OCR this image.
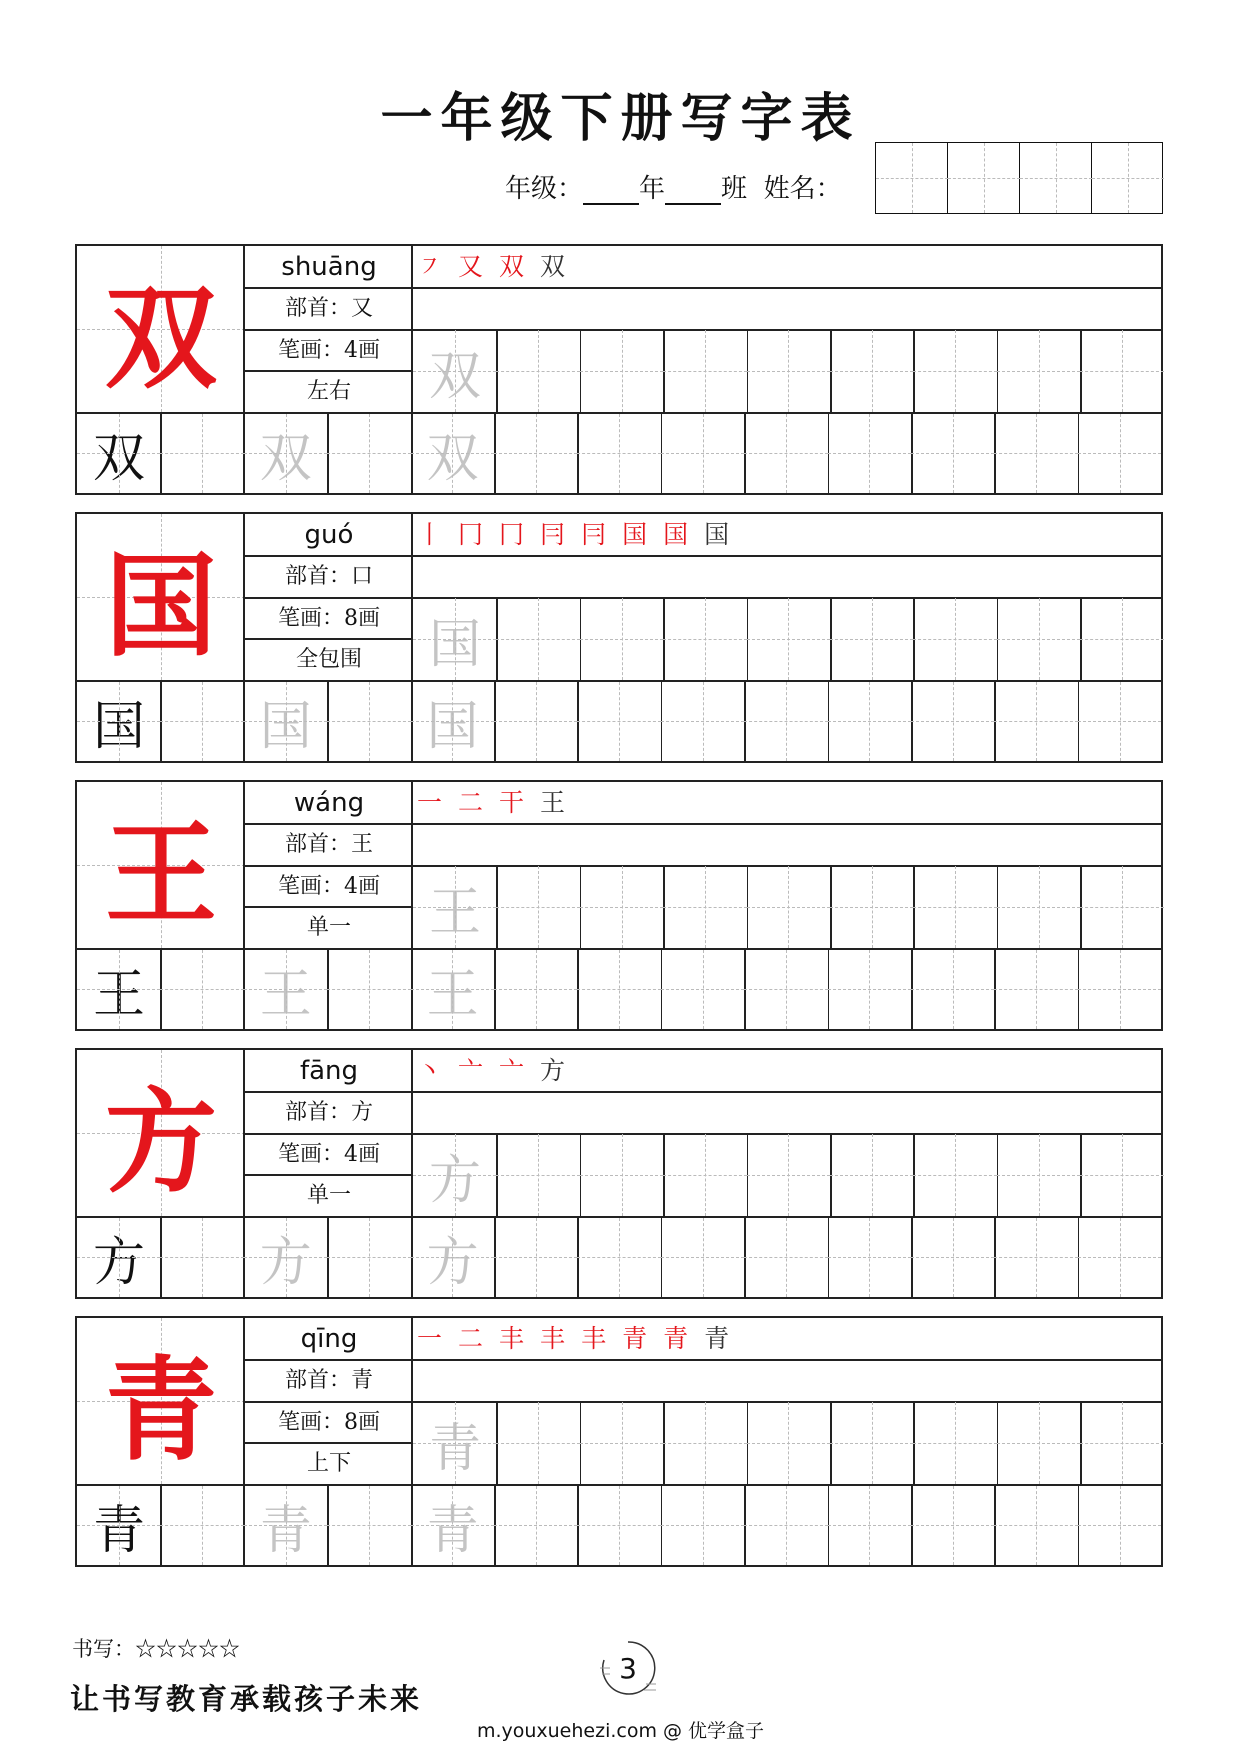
一年级下册写字表
年级： 年 班 姓名：
双
shuāng
部首：又
笔画：4画
左右
㇇ 又 双 双
双
双	双	双
国
guó
部首：口
笔画：8画
全包围
丨 冂 冂 冃 冃 国 国 国
国
国	国	国
王
wáng
部首：王
笔画：4画
单一
一 二 干 王
王
王	王	王
方
fāng
部首：方
笔画：4画
单一
丶 亠 亠 方
方
方	方	方
青
qīng
部首：青
笔画：8画
上下
一 二 丰 丰 丰 青 青 青
青
青	青	青
书写：☆☆☆☆☆
让书写教育承载孩子未来
3
m.youxuehezi.com @ 优学盒子
